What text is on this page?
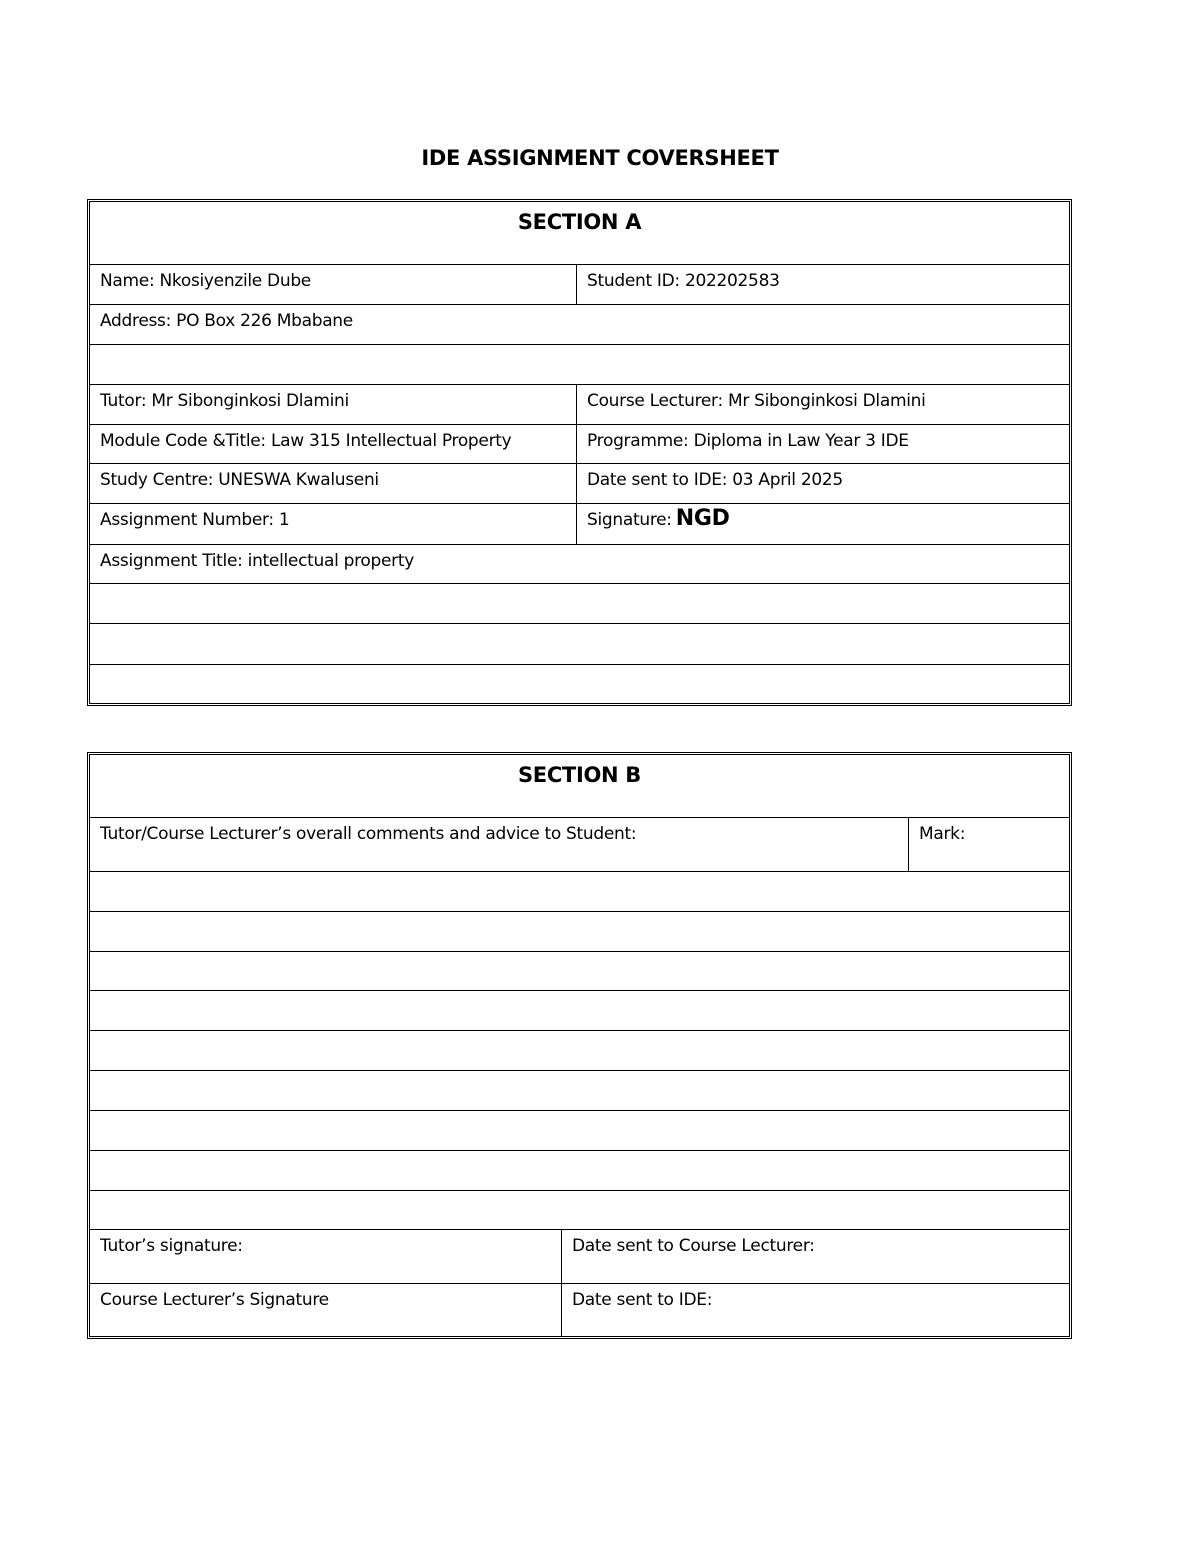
IDE ASSIGNMENT COVERSHEET
SECTION A
Name: Nkosiyenzile Dube	Student ID: 202202583
Address: PO Box 226 Mbabane
Tutor: Mr Sibonginkosi Dlamini	Course Lecturer: Mr Sibonginkosi Dlamini
Module Code &Title: Law 315 Intellectual Property	Programme: Diploma in Law Year 3 IDE
Study Centre: UNESWA Kwaluseni	Date sent to IDE: 03 April 2025
Assignment Number: 1	Signature: NGD
Assignment Title: intellectual property
SECTION B
Tutor/Course Lecturer’s overall comments and advice to Student:	Mark:
Tutor’s signature:	Date sent to Course Lecturer:
Course Lecturer’s Signature	Date sent to IDE:
